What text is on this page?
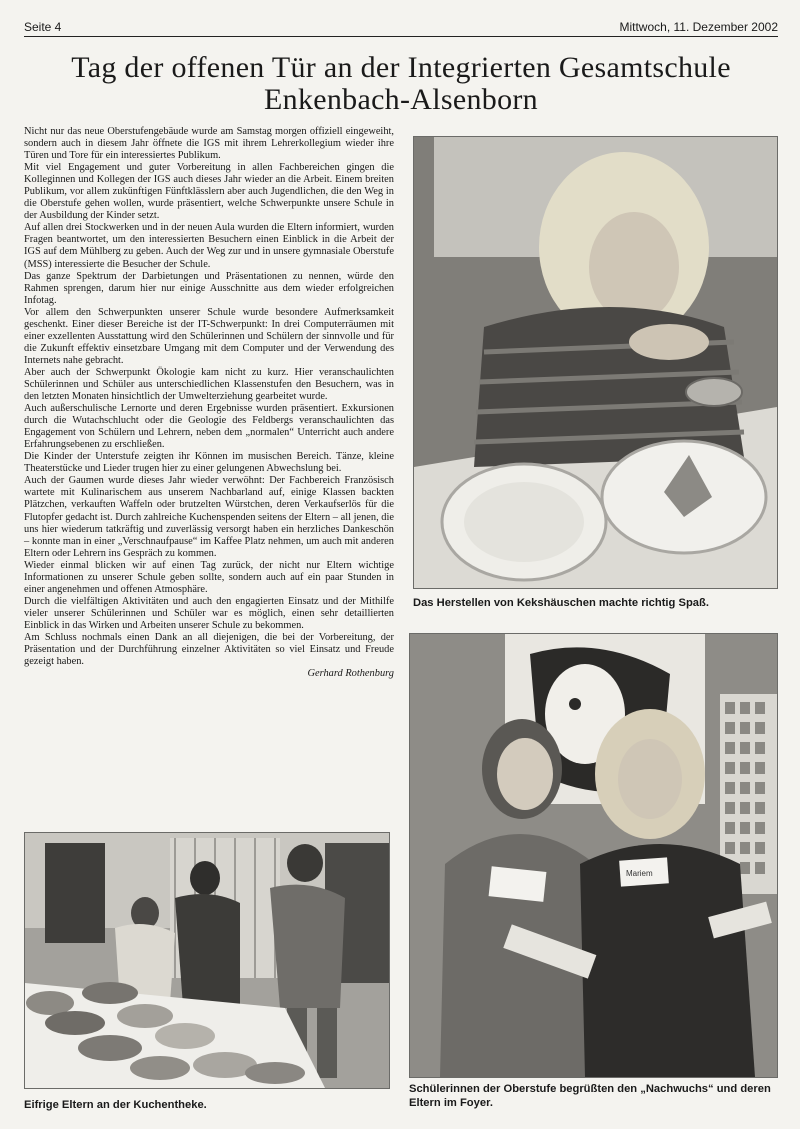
Seite 4	Mittwoch, 11. Dezember 2002
Tag der offenen Tür an der Integrierten Gesamtschule
Enkenbach-Alsenborn

Nicht nur das neue Oberstufengebäude wurde am Samstag morgen offiziell eingeweiht, sondern auch in diesem Jahr öffnete die IGS mit ihrem Lehrerkollegium wieder ihre Türen und Tore für ein interessiertes Publikum.

Mit viel Engagement und guter Vorbereitung in allen Fachbereichen gingen die Kolleginnen und Kollegen der IGS auch dieses Jahr wieder an die Arbeit. Einem breiten Publikum, vor allem zukünftigen Fünftklässlern aber auch Jugendlichen, die den Weg in die Oberstufe gehen wollen, wurde präsentiert, welche Schwerpunkte unsere Schule in der Ausbildung der Kinder setzt.

Auf allen drei Stockwerken und in der neuen Aula wurden die Eltern informiert, wurden Fragen beantwortet, um den interessierten Besuchern einen Einblick in die Arbeit der IGS auf dem Mühlberg zu geben. Auch der Weg zur und in unsere gymnasiale Oberstufe (MSS) interessierte die Besucher der Schule.

Das ganze Spektrum der Darbietungen und Präsentationen zu nennen, würde den Rahmen sprengen, darum hier nur einige Ausschnitte aus dem wieder erfolgreichen Infotag.

Vor allem den Schwerpunkten unserer Schule wurde besondere Aufmerksamkeit geschenkt. Einer dieser Bereiche ist der IT-Schwerpunkt: In drei Computerräumen mit einer exzellenten Ausstattung wird den Schülerinnen und Schülern der sinnvolle und für die Zukunft effektiv einsetzbare Umgang mit dem Computer und der Verwendung des Internets nahe gebracht.

Aber auch der Schwerpunkt Ökologie kam nicht zu kurz. Hier veranschaulichten Schülerinnen und Schüler aus unterschiedlichen Klassenstufen den Besuchern, was in den letzten Monaten hinsichtlich der Umwelterziehung gearbeitet wurde.

Auch außerschulische Lernorte und deren Ergebnisse wurden präsentiert. Exkursionen durch die Wutachschlucht oder die Geologie des Feldbergs veranschaulichten das Engagement von Schülern und Lehrern, neben dem „normalen“ Unterricht auch andere Erfahrungsebenen zu erschließen.

Die Kinder der Unterstufe zeigten ihr Können im musischen Bereich. Tänze, kleine Theaterstücke und Lieder trugen hier zu einer gelungenen Abwechslung bei.

Auch der Gaumen wurde dieses Jahr wieder verwöhnt: Der Fachbereich Französisch wartete mit Kulinarischem aus unserem Nachbarland auf, einige Klassen backten Plätzchen, verkauften Waffeln oder brutzelten Würstchen, deren Verkaufserlös für die Flutopfer gedacht ist. Durch zahlreiche Kuchenspenden seitens der Eltern – all jenen, die uns hier wiederum tatkräftig und zuverlässig versorgt haben ein herzliches Dankeschön – konnte man in einer „Verschnaufpause“ im Kaffee Platz nehmen, um auch mit anderen Eltern oder Lehrern ins Gespräch zu kommen.

Wieder einmal blicken wir auf einen Tag zurück, der nicht nur Eltern wichtige Informationen zu unserer Schule geben sollte, sondern auch auf ein paar Stunden in einer angenehmen und offenen Atmosphäre.

Durch die vielfältigen Aktivitäten und auch den engagierten Einsatz und der Mithilfe vieler unserer Schülerinnen und Schüler war es möglich, einen sehr detaillierten Einblick in das Wirken und Arbeiten unserer Schule zu bekommen.

Am Schluss nochmals einen Dank an all diejenigen, die bei der Vorbereitung, der Präsentation und der Durchführung einzelner Aktivitäten so viel Einsatz und Freude gezeigt haben.

Gerhard Rothenburg

Das Herstellen von Kekshäuschen machte richtig Spaß.
Mariem
Schülerinnen der Oberstufe begrüßten den „Nachwuchs“ und deren Eltern im Foyer.
Eifrige Eltern an der Kuchentheke.
